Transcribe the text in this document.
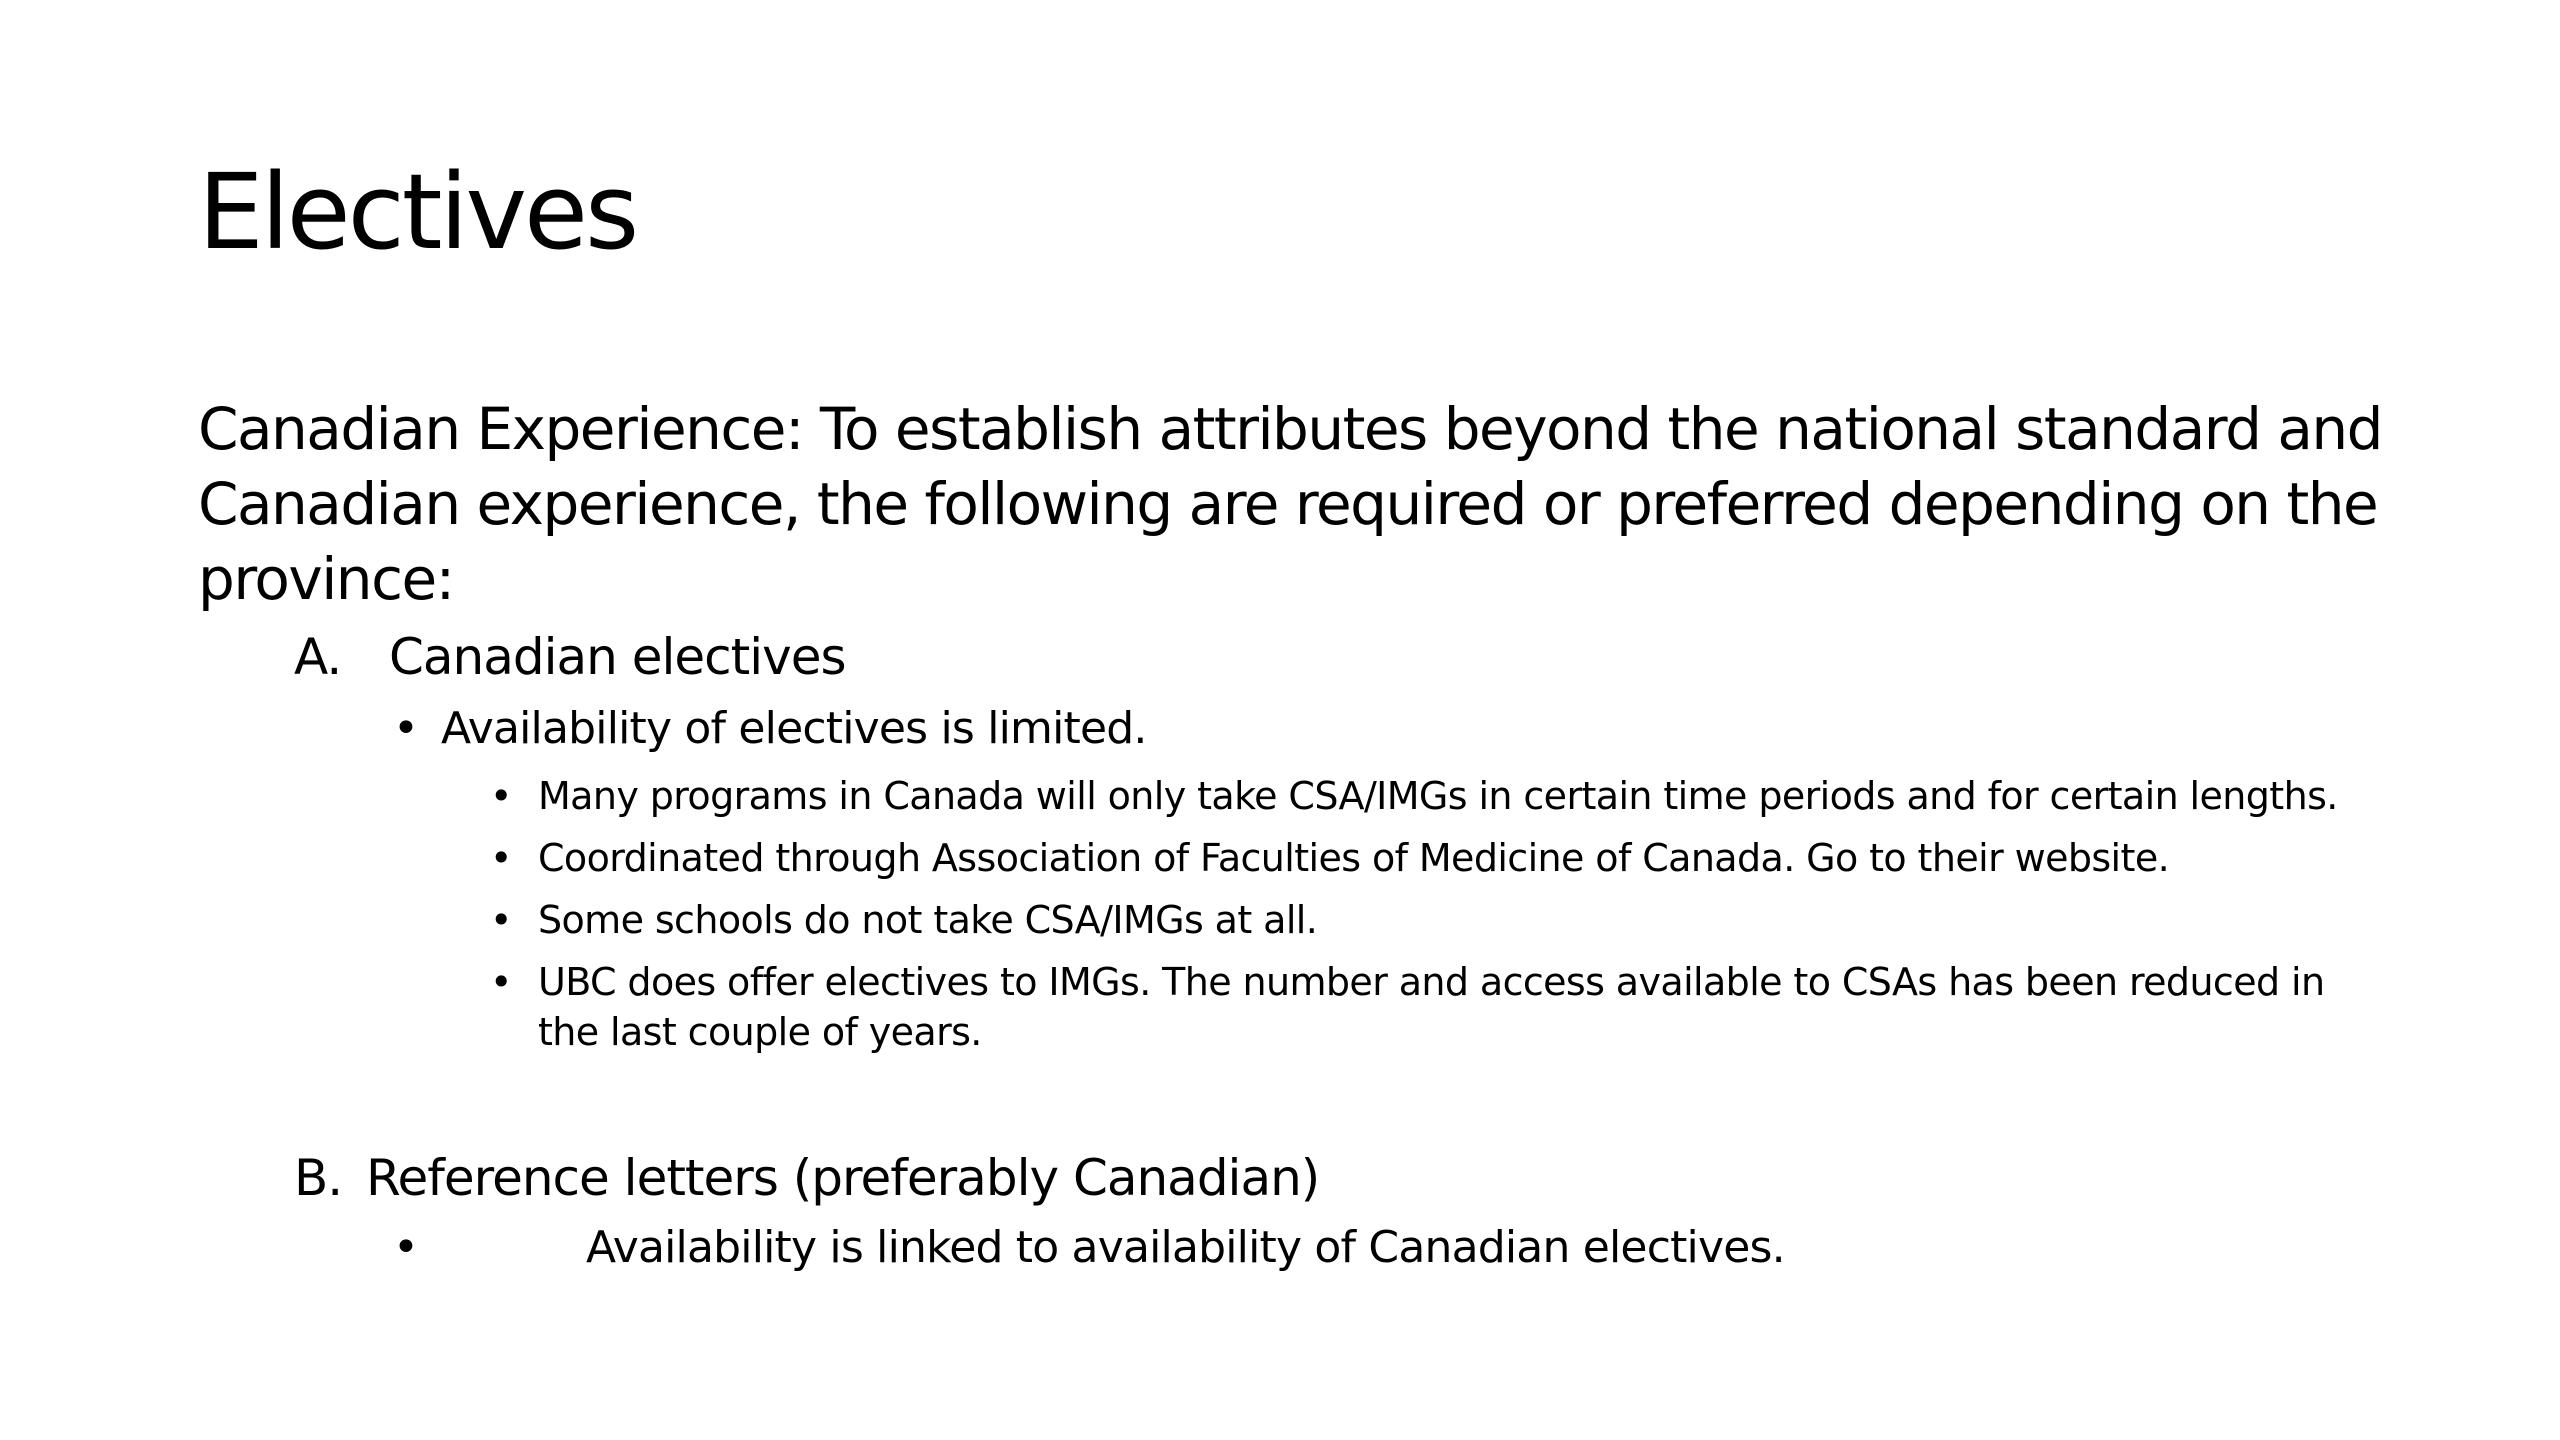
Electives

Canadian Experience: To establish attributes beyond the national standard and Canadian experience, the following are required or preferred depending on the province:

A. Canadian electives
• Availability of electives is limited.
• Many programs in Canada will only take CSA/IMGs in certain time periods and for certain lengths.
• Coordinated through Association of Faculties of Medicine of Canada. Go to their website.
• Some schools do not take CSA/IMGs at all.
• UBC does offer electives to IMGs. The number and access available to CSAs has been reduced in the last couple of years.
B. Reference letters (preferably Canadian)
•	Availability is linked to availability of Canadian electives.
